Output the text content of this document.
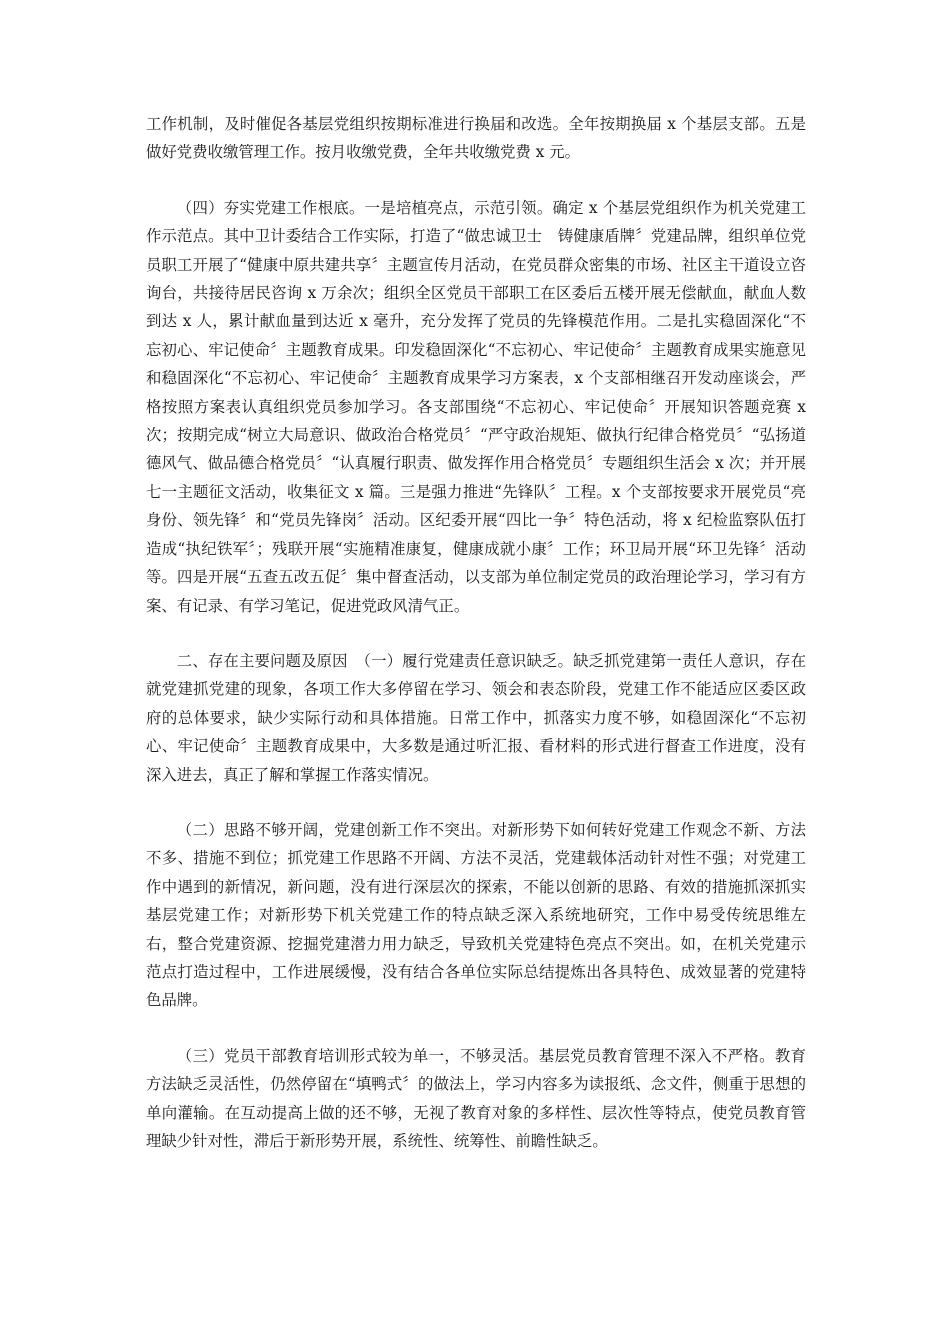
工作机制，及时催促各基层党组织按期标准进行换届和改选。全年按期换届 x 个基层支部。五是做好党费收缴管理工作。按月收缴党费，全年共收缴党费 x 元。

（四）夯实党建工作根底。一是培植亮点，示范引领。确定 x 个基层党组织作为机关党建工作示范点。其中卫计委结合工作实际，打造了“做忠诚卫士　铸健康盾牌〞党建品牌，组织单位党员职工开展了“健康中原共建共享〞主题宣传月活动，在党员群众密集的市场、社区主干道设立咨询台，共接待居民咨询 x 万余次；组织全区党员干部职工在区委后五楼开展无偿献血，献血人数到达 x 人，累计献血量到达近 x 毫升，充分发挥了党员的先锋模范作用。二是扎实稳固深化“不忘初心、牢记使命〞主题教育成果。印发稳固深化“不忘初心、牢记使命〞主题教育成果实施意见和稳固深化“不忘初心、牢记使命〞主题教育成果学习方案表，x 个支部相继召开发动座谈会，严格按照方案表认真组织党员参加学习。各支部围绕“不忘初心、牢记使命〞开展知识答题竞赛 x 次；按期完成“树立大局意识、做政治合格党员〞“严守政治规矩、做执行纪律合格党员〞“弘扬道德风气、做品德合格党员〞“认真履行职责、做发挥作用合格党员〞专题组织生活会 x 次；并开展七一主题征文活动，收集征文 x 篇。三是强力推进“先锋队〞工程。x 个支部按要求开展党员“亮身份、领先锋〞和“党员先锋岗〞活动。区纪委开展“四比一争〞特色活动，将 x 纪检监察队伍打造成“执纪铁军〞；残联开展“实施精准康复，健康成就小康〞工作；环卫局开展“环卫先锋〞活动等。四是开展“五查五改五促〞集中督查活动，以支部为单位制定党员的政治理论学习，学习有方案、有记录、有学习笔记，促进党政风清气正。

二、存在主要问题及原因　（一）履行党建责任意识缺乏。缺乏抓党建第一责任人意识，存在就党建抓党建的现象，各项工作大多停留在学习、领会和表态阶段，党建工作不能适应区委区政府的总体要求，缺少实际行动和具体措施。日常工作中，抓落实力度不够，如稳固深化“不忘初心、牢记使命〞主题教育成果中，大多数是通过听汇报、看材料的形式进行督查工作进度，没有深入进去，真正了解和掌握工作落实情况。

（二）思路不够开阔，党建创新工作不突出。对新形势下如何转好党建工作观念不新、方法不多、措施不到位；抓党建工作思路不开阔、方法不灵活，党建载体活动针对性不强；对党建工作中遇到的新情况，新问题，没有进行深层次的探索，不能以创新的思路、有效的措施抓深抓实基层党建工作；对新形势下机关党建工作的特点缺乏深入系统地研究，工作中易受传统思维左右，整合党建资源、挖掘党建潜力用力缺乏，导致机关党建特色亮点不突出。如，在机关党建示范点打造过程中，工作进展缓慢，没有结合各单位实际总结提炼出各具特色、成效显著的党建特色品牌。

（三）党员干部教育培训形式较为单一，不够灵活。基层党员教育管理不深入不严格。教育方法缺乏灵活性，仍然停留在“填鸭式〞的做法上，学习内容多为读报纸、念文件，侧重于思想的单向灌输。在互动提高上做的还不够，无视了教育对象的多样性、层次性等特点，使党员教育管理缺少针对性，滞后于新形势开展，系统性、统筹性、前瞻性缺乏。
